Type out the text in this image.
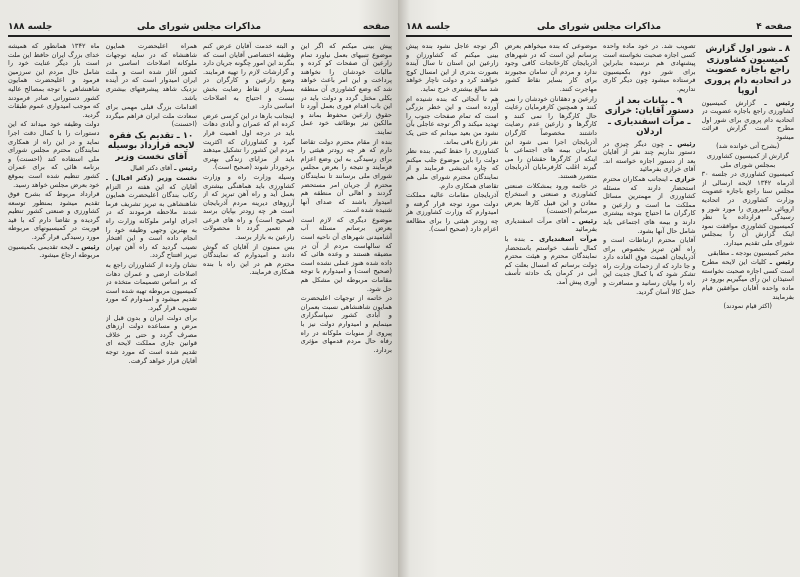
صفحه
مذاکرات مجلس شورای ملی
جلسه ۱۸۸

پیش بینی میکنم که اگر این موضوع تنبیهای بعمل نیاورد تمام زارعین آن صفحات کو کرده و مالیات خودشان را نخواهند پرداخت و این امر باعث خواهد شد که وضع کشاورزی آن منطقه بکلی مختل گردد و دولت باید در این باب اقدام فوری بعمل آورد تا حقوق زارعین محفوظ بماند و مالکین نیز بوظائف خود عمل نمایند.

بنده از مقام محترم دولت تقاضا دارم که هر چه زودتر هیئتی را برای رسیدگی به این وضع اعزام فرمایند و نتیجه را بعرض مجلس شورای ملی برسانند تا نمایندگان محترم از جریان امر مستحضر گردند و اهالی آن منطقه هم امیدوار باشند که صدای آنها شنیده شده است.

موضوع دیگری که لازم است بعرض برسانم مسئله آب آشامیدنی شهرهای آن ناحیه است که سالهاست مردم از آن در مضیقه هستند و وعده هائی که داده شده هنوز عملی نشده است (صحیح است) و امیدوارم با توجه مقامات مربوطه این مشکل هم حل شود.

در خاتمه از توجهات اعلیحضرت همایون شاهنشاهی نسبت بعمران و آبادی کشور سپاسگزاری مینمایم و امیدوارم دولت نیز با پیروی از منویات ملوکانه در راه رفاه حال مردم قدمهای مؤثری بردارد.

و البته خدمت آقایان عرض کنم وظیفه اختصاصی آقایان است که بنگرند این امور چگونه جریان دارد و گزارشات لازم را تهیه فرمایند. وضع زارعین و کارگران در بسیاری از نقاط رضایت بخش نیست و احتیاج به اصلاحات اساسی دارد.

اینجانب بارها در این کرسی عرض کرده ام که عمران و آبادی دهات باید در درجه اول اهمیت قرار گیرد و کشاورزان که اکثریت مردم این کشور را تشکیل میدهند باید از مزایای زندگی بهتری برخوردار شوند (صحیح است).

وسیله وزارت راه و وزارت کشاورزی باید هماهنگی بیشتری بعمل آید و راه آهن تبریز که از آرزوهای دیرینه مردم آذربایجان است هر چه زودتر بپایان برسد (صحیح است) و راه های فرعی هم تعمیر گردد تا محصولات زارعین به بازار برسد.

بس ممنون از آقایان که گوش دادند و امیدوارم که نمایندگان محترم هم در این راه با بنده همکاری فرمایند.

همراه اعلیحضرت همایون شاهنشاه که در سایه توجهات ملوکانه اصلاحات اساسی در کشور آغاز شده است و ملت ایران امیدوار است که در آینده نزدیک شاهد پیشرفتهای بیشتری باشد.

اقدامات بزرگ قبلی مهمی برای سعادت ملت ایران فراهم میگردد (احسنت)

۱۰ ـ تقدیم یک فقره لایحه قرارداد بوسیله آقای نخست وزیر

رئیس ـ آقای دکتر اقبال

نخست وزیر (دکتر اقبال) ـ آقایان که این هفته در التزام رکاب بندگان اعلیحضرت همایون شاهنشاهی به تبریز تشریف فرما شدند ملاحظه فرمودند که در اجرای اوامر ملوکانه وزارت راه به بهترین وجهی وظیفه خود را انجام داده است و این افتخار نصیب گردید که راه آهن تهران تبریز افتتاح گردد.

نشان وارده از کشاورزان راجع به اصلاحات ارضی و عمران دهات که بر اساس تصمیمات متخذه در کمیسیون مربوطه تهیه شده است تقدیم میشود و امیدوارم که مورد تصویب قرار گیرد.

برای دولت ایران و بدون قبل از مرض و مساعده دولت ارزهای مصرف گردد و حتی بر خلاف قوانین جاری مملکت لایحه ای تقدیم شده است که مورد توجه آقایان قرار خواهد گرفت.

ماه ۱۳۴۲ همانطور که همیشه خدای بزرگ ایران حافظ این ملت است بار دیگر عنایت خود را شامل حال مردم این سرزمین فرمود و اعلیحضرت همایون شاهنشاهی با توجه بمصالح عالیه کشور دستوراتی صادر فرمودند که موجب امیدواری عموم طبقات گردید.

دولت وظیفه خود میداند که این دستورات را با کمال دقت اجرا نماید و در این راه از همکاری نمایندگان محترم مجلس شورای ملی استفاده کند (احسنت) و برنامه هائی که برای عمران کشور تنظیم شده است بموقع خود بعرض مجلس خواهد رسید.

قرارداد مربوط که بشرح فوق تقدیم میشود بمنظور توسعه کشاورزی و صنعتی کشور تنظیم گردیده و تقاضا دارم که با قید فوریت در کمیسیونهای مربوطه مورد رسیدگی قرار گیرد.

رئیس ـ لایحه تقدیمی بکمیسیون مربوطه ارجاع میشود.

صفحه ۴
مذاکرات مجلس شورای ملی
جلسه ۱۸۸
۸ ـ شور اول گزارش کمیسیون کشاورزی راجع باجازه عضویت در اتحادیه دام پروری اروپا

رئیس ـ گزارش کمیسیون کشاورزی راجع باجازه عضویت در اتحادیه دام پروری برای شور اول مطرح است گزارش قرائت میشود

(بشرح آتی خوانده شد)

گزارش از کمیسیون کشاورزی بمجلس شورای ملی

کمیسیون کشاورزی در جلسه ۳۰ آذرماه ۱۳۴۲ لایحه ارسالی از مجلس سنا راجع باجازه عضویت وزارت کشاورزی در اتحادیه اروپائی دامپروری را مورد شور و رسیدگی قرارداده با نظر کمیسیون کشاورزی موافقت نمود اینک گزارش آن را بمجلس شورای ملی تقدیم میدارد.

مخبر کمیسیون بودجه ـ مطابقی

رئیس ـ کلیات این لایحه مطرح است کسی اجازه صحبت نخواسته استیذان این رأی میگیریم بورود در ماده واحده آقایان موافقین قیام بفرمایند

(اکثر قیام نمودند)

تصویب شد. در خود ماده واحده کسی اجازه صحبت نخواسته است پیشنهادی هم نرسیده بنابراین برای شور دوم بکمیسیون فرستاده میشود چون دیگر کاری نداریم.

۹ ـ بیانات بعد از دستور آقایان: خرازی ـ مرآت اسفندیاری ـ اردلان

رئیس ـ چون دیگر چیزی در دستور نداریم چند نفر از آقایان بعد از دستور اجازه خواسته اند. آقای خرازی بفرمائید

خرازی ـ اینجانب همکاران محترم استحضار دارند که مسئله کشاورزی از مهمترین مسائل مملکت ما است و زارعین و کارگران ما احتیاج بتوجه بیشتری دارند و بیمه های اجتماعی باید شامل حال آنها بشود.

آقایان محترم ارتباطات است و راه آهن تبریز بخصوص برای آذربایجان اهمیت فوق العاده دارد و جا دارد که از زحمات وزارت راه تشکر شود که با کمال جدیت این راه را بپایان رسانید و مسافرت و حمل کالا آسان گردید.

موضوعی که بنده میخواهم بعرض برسانم این است که در شهرهای آذربایجان کارخانجات کافی وجود ندارد و مردم آن سامان مجبورند برای کار بسایر نقاط کشور مهاجرت کنند.

زارعین و دهقانان خودشان را نمی کنند و همچنین کارفرمایان رعایت حال کارگرها را نمی کنند و کارگرها و زارعین عدم رضایت داشتند مخصوصاً کارگران آذربایجان اجرا نمی شود این سازمان بیمه های اجتماعی با اینکه از کارگرها حقشان را می گیرند اغلب کارفرمایان آذربایجان متضرر هستند.

در خاتمه ورود بمشکلات صنعتی کشاورزی و صنعتی و استخراج معادن و این قبیل کارها بعرض میرسانم (احسنت)

رئیس ـ آقای مرآت اسفندیاری بفرمائید

مرآت اسفندیاری ـ بنده با کمال تأسف خواستم باستحضار نمایندگان محترم و هیئت محترم دولت برسانم که امسال بعلت کم آبی در کرمان یک حادثه تأسف آوری پیش آمد.

اگر توجه عاجل نشود بنده پیش بینی میکنم که کشاورزان و زارعین این استان تا سال آینده بصورت بدتری از این امسال کوچ خواهند کرد و دولت ناچار خواهد شد مبالغ بیشتری خرج نماید.

هم تا آنجائی که بنده شنیده ام آورده است و این خطر بزرگی است که تمام صفحات جنوب را تهدید میکند و اگر توجه عاجلی بآن نشود من بعید میدانم که حتی یک نفر زارع باقی بماند.

کشاورزی را حفظ کنیم. بنده نظر دولت را باین موضوع جلب میکنم که چاره اندیشی فرمایند و از نمایندگان محترم شورای ملی هم تقاضای همکاری دارم.

آذربایجان مقامات عالیه مملکت دولت مورد توجه قرار گرفته و امیدوارم که وزارت کشاورزی هر چه زودتر هیئتی را برای مطالعه اعزام دارد (صحیح است).
